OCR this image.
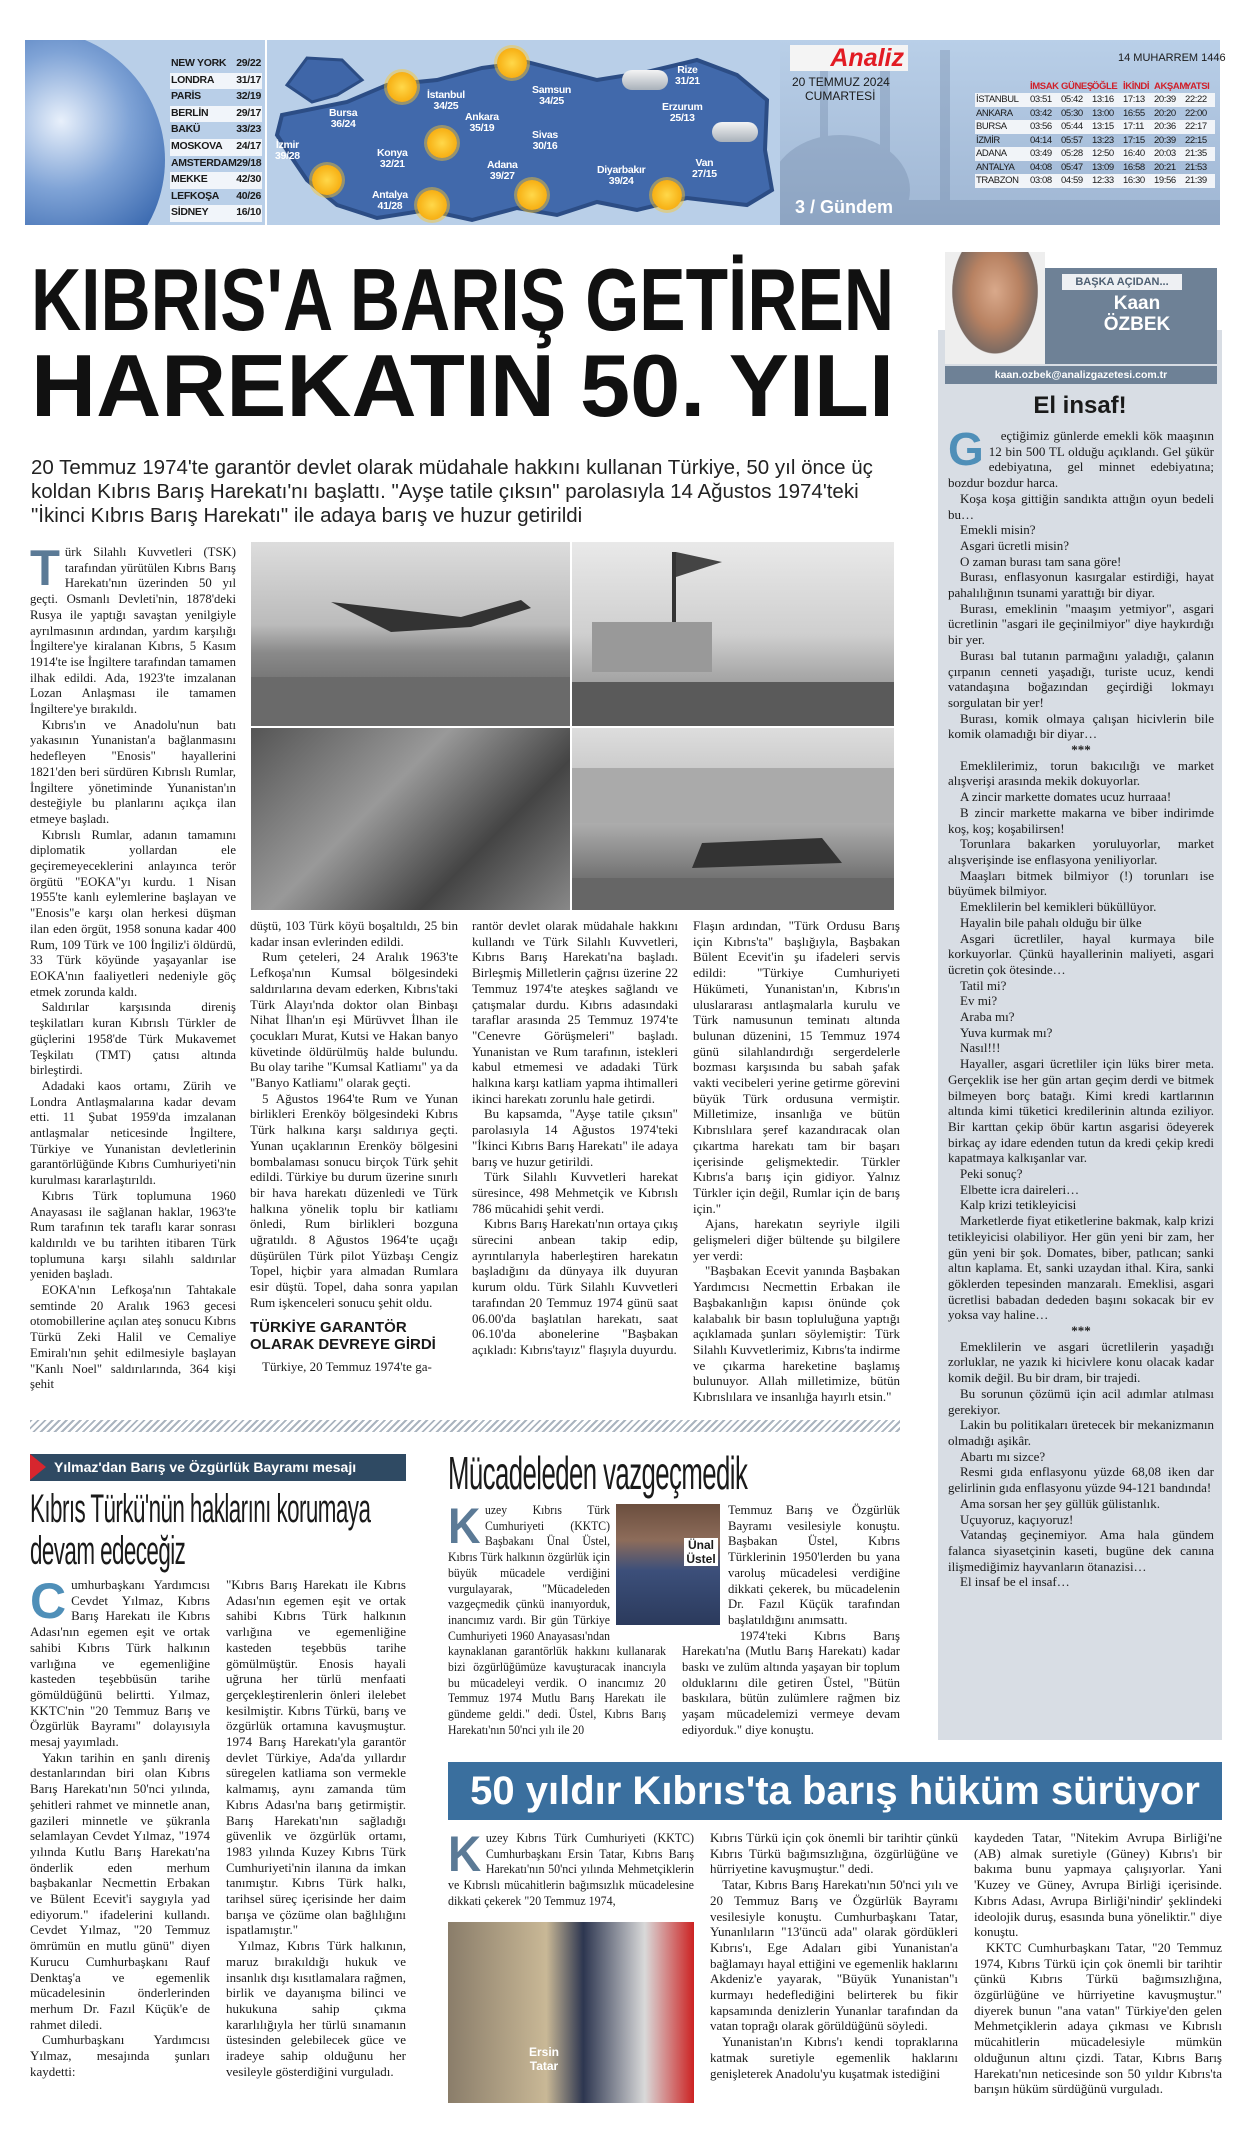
NEW YORK 29/22
LONDRA 31/17
PARİS	32/19
BERLİN	29/17
BAKÜ	33/23
MOSKOVA 24/17
AMSTERDAM 29/18
MEKKE	42/30
LEFKOŞA 40/26
SİDNEY	16/10
İstanbul
34/25
Samsun
34/25
Rize
31/21
Bursa
36/24
Ankara
35/19
Erzurum
25/13
İzmir
39/28
Sivas
30/16
Konya
32/21	Adana
39/27	Diyarbakır
39/24
Van
27/15
Antalya
41/28
Analiz
20 TEMMUZ 2024
CUMARTESİ
14 MUHARREM 1446
3 / Gündem
	İMSAK	GÜNEŞ	ÖĞLE	İKİNDİ	AKŞAM	YATSI
İSTANBUL	03:51	05:42	13:16	17:13	20:39	22:22
ANKARA	03:42	05:30	13:00	16:55	20:20	22:00
BURSA	03:56	05:44	13:15	17:11	20:36	22:17
İZMİR	04:14	05:57	13:23	17:15	20:39	22:15
ADANA	03:49	05:28	12:50	16:40	20:03	21:35
ANTALYA	04:08	05:47	13:09	16:58	20:21	21:53
TRABZON	03:08	04:59	12:33	16:30	19:56	21:39
KIBRIS'A BARIŞ GETİREN
HAREKATIN 50. YILI
20 Temmuz 1974'te garantör devlet olarak müdahale hakkını kullanan Türkiye, 50 yıl önce üç koldan Kıbrıs Barış Harekatı'nı başlattı. "Ayşe tatile çıksın" parolasıyla 14 Ağustos 1974'teki "İkinci Kıbrıs Barış Harekatı" ile adaya barış ve huzur getirildi
T ürk Silahlı Kuvvetleri (TSK) tarafından yürütülen Kıbrıs Barış Harekatı'nın üzerinden 50 yıl geçti. Osmanlı Devleti'nin, 1878'deki Rusya ile yaptığı savaştan yenilgiyle ayrılmasının ardından, yardım karşılığı İngiltere'ye kiralanan Kıbrıs, 5 Kasım 1914'te ise İngiltere tarafından tamamen ilhak edildi. Ada, 1923'te imzalanan Lozan Anlaşması ile tamamen İngiltere'ye bırakıldı.

Kıbrıs'ın ve Anadolu'nun batı yakasının Yunanistan'a bağlanmasını hedefleyen "Enosis" hayallerini 1821'den beri sürdüren Kıbrıslı Rumlar, İngiltere yönetiminde Yunanistan'ın desteğiyle bu planlarını açıkça ilan etmeye başladı.

Kıbrıslı Rumlar, adanın tamamını diplomatik yollardan ele geçiremeyeceklerini anlayınca terör örgütü "EOKA"yı kurdu. 1 Nisan 1955'te kanlı eylemlerine başlayan ve "Enosis"e karşı olan herkesi düşman ilan eden örgüt, 1958 sonuna kadar 400 Rum, 109 Türk ve 100 İngiliz'i öldürdü, 33 Türk köyünde yaşayanlar ise EOKA'nın faaliyetleri nedeniyle göç etmek zorunda kaldı.

Saldırılar karşısında direniş teşkilatları kuran Kıbrıslı Türkler de güçlerini 1958'de Türk Mukavemet Teşkilatı (TMT) çatısı altında birleştirdi.

Adadaki kaos ortamı, Zürih ve Londra Antlaşmalarına kadar devam etti. 11 Şubat 1959'da imzalanan antlaşmalar neticesinde İngiltere, Türkiye ve Yunanistan devletlerinin garantörlüğünde Kıbrıs Cumhuriyeti'nin kurulması kararlaştırıldı.

Kıbrıs Türk toplumuna 1960 Anayasası ile sağlanan haklar, 1963'te Rum tarafının tek taraflı karar sonrası kaldırıldı ve bu tarihten itibaren Türk toplumuna karşı silahlı saldırılar yeniden başladı.

EOKA'nın Lefkoşa'nın Tahtakale semtinde 20 Aralık 1963 gecesi otomobillerine açılan ateş sonucu Kıbrıs Türkü Zeki Halil ve Cemaliye Emiralı'nın şehit edilmesiyle başlayan "Kanlı Noel" saldırılarında, 364 kişi şehit

düştü, 103 Türk köyü boşaltıldı, 25 bin kadar insan evlerinden edildi.

Rum çeteleri, 24 Aralık 1963'te Lefkoşa'nın Kumsal bölgesindeki saldırılarına devam ederken, Kıbrıs'taki Türk Alayı'nda doktor olan Binbaşı Nihat İlhan'ın eşi Mürüvvet İlhan ile çocukları Murat, Kutsi ve Hakan banyo küvetinde öldürülmüş halde bulundu. Bu olay tarihe "Kumsal Katliamı" ya da "Banyo Katliamı" olarak geçti.

5 Ağustos 1964'te Rum ve Yunan birlikleri Erenköy bölgesindeki Kıbrıs Türk halkına karşı saldırıya geçti. Yunan uçaklarının Erenköy bölgesini bombalaması sonucu birçok Türk şehit edildi. Türkiye bu durum üzerine sınırlı bir hava harekatı düzenledi ve Türk halkına yönelik toplu bir katliamı önledi, Rum birlikleri bozguna uğratıldı. 8 Ağustos 1964'te uçağı düşürülen Türk pilot Yüzbaşı Cengiz Topel, hiçbir yara almadan Rumlara esir düştü. Topel, daha sonra yapılan Rum işkenceleri sonucu şehit oldu.

TÜRKİYE GARANTÖR OLARAK DEVREYE GİRDİ

Türkiye, 20 Temmuz 1974'te ga-

rantör devlet olarak müdahale hakkını kullandı ve Türk Silahlı Kuvvetleri, Kıbrıs Barış Harekatı'na başladı. Birleşmiş Milletlerin çağrısı üzerine 22 Temmuz 1974'te ateşkes sağlandı ve çatışmalar durdu. Kıbrıs adasındaki taraflar arasında 25 Temmuz 1974'te "Cenevre Görüşmeleri" başladı. Yunanistan ve Rum tarafının, istekleri kabul etmemesi ve adadaki Türk halkına karşı katliam yapma ihtimalleri ikinci harekatı zorunlu hale getirdi.

Bu kapsamda, "Ayşe tatile çıksın" parolasıyla 14 Ağustos 1974'teki "İkinci Kıbrıs Barış Harekatı" ile adaya barış ve huzur getirildi.

Türk Silahlı Kuvvetleri harekat süresince, 498 Mehmetçik ve Kıbrıslı 786 mücahidi şehit verdi.

Kıbrıs Barış Harekatı'nın ortaya çıkış sürecini anbean takip edip, ayrıntılarıyla haberleştiren harekatın başladığını da dünyaya ilk duyuran kurum oldu. Türk Silahlı Kuvvetleri tarafından 20 Temmuz 1974 günü saat 06.00'da başlatılan harekatı, saat 06.10'da abonelerine "Başbakan açıkladı: Kıbrıs'tayız" flaşıyla duyurdu.

Flaşın ardından, "Türk Ordusu Barış için Kıbrıs'ta" başlığıyla, Başbakan Bülent Ecevit'in şu ifadeleri servis edildi: "Türkiye Cumhuriyeti Hükümeti, Yunanistan'ın, Kıbrıs'ın uluslararası antlaşmalarla kurulu ve Türk namusunun teminatı altında bulunan düzenini, 15 Temmuz 1974 günü silahlandırdığı sergerdelerle bozması karşısında bu sabah şafak vakti vecibeleri yerine getirme görevini büyük Türk ordusuna vermiştir. Milletimize, insanlığa ve bütün Kıbrıslılara şeref kazandıracak olan çıkartma harekatı tam bir başarı içerisinde gelişmektedir. Türkler Kıbrıs'a barış için gidiyor. Yalnız Türkler için değil, Rumlar için de barış için."

Ajans, harekatın seyriyle ilgili gelişmeleri diğer bültende şu bilgilere yer verdi:

"Başbakan Ecevit yanında Başbakan Yardımcısı Necmettin Erbakan ile Başbakanlığın kapısı önünde çok kalabalık bir basın topluluğuna yaptığı açıklamada şunları söylemiştir: Türk Silahlı Kuvvetlerimiz, Kıbrıs'ta indirme ve çıkarma hareketine başlamış bulunuyor. Allah milletimize, bütün Kıbrıslılara ve insanlığa hayırlı etsin."

BAŞKA AÇIDAN...
Kaan
ÖZBEK
kaan.ozbek@analizgazetesi.com.tr
El insaf!
G	eçtiğimiz günlerde emekli kök maaşının 12 bin 500 TL olduğu açıklandı. Gel şükür edebiyatına, gel minnet edebiyatına; bozdur bozdur harca.

Koşa koşa gittiğin sandıkta attığın oyun bedeli bu…

Emekli misin?

Asgari ücretli misin?

O zaman burası tam sana göre!

Burası, enflasyonun kasırgalar estirdiği, hayat pahalılığının tsunami yarattığı bir diyar.

Burası, emeklinin "maaşım yetmiyor", asgari ücretlinin "asgari ile geçinilmiyor" diye haykırdığı bir yer.

Burası bal tutanın parmağını yaladığı, çalanın çırpanın cenneti yaşadığı, turiste ucuz, kendi vatandaşına boğazından geçirdiği lokmayı sorgulatan bir yer!

Burası, komik olmaya çalışan hicivlerin bile komik olamadığı bir diyar…

***

Emeklilerimiz, torun bakıcılığı ve market alışverişi arasında mekik dokuyorlar.

A zincir markette domates ucuz hurraaa!

B zincir markette makarna ve biber indirimde koş, koş; koşabilirsen!

Torunlara bakarken yoruluyorlar, market alışverişinde ise enflasyona yeniliyorlar.

Maaşları bitmek bilmiyor (!) torunları ise büyümek bilmiyor.

Emeklilerin bel kemikleri büküllüyor.

Hayalin bile pahalı olduğu bir ülke

Asgari ücretliler, hayal kurmaya bile korkuyorlar. Çünkü hayallerinin maliyeti, asgari ücretin çok ötesinde…

Tatil mi?

Ev mi?

Araba mı?

Yuva kurmak mı?

Nasıl!!!

Hayaller, asgari ücretliler için lüks birer meta. Gerçeklik ise her gün artan geçim derdi ve bitmek bilmeyen borç batağı. Kimi kredi kartlarının altında kimi tüketici kredilerinin altında eziliyor. Bir karttan çekip öbür kartın asgarisi ödeyerek birkaç ay idare edenden tutun da kredi çekip kredi kapatmaya kalkışanlar var.

Peki sonuç?

Elbette icra daireleri…

Kalp krizi tetikleyicisi

Marketlerde fiyat etiketlerine bakmak, kalp krizi tetikleyicisi olabiliyor. Her gün yeni bir zam, her gün yeni bir şok. Domates, biber, patlıcan; sanki altın kaplama. Et, sanki uzaydan ithal. Kira, sanki göklerden tepesinden manzaralı. Emeklisi, asgari ücretlisi babadan dededen başını sokacak bir ev yoksa vay haline…

***

Emeklilerin ve asgari ücretlilerin yaşadığı zorluklar, ne yazık ki hicivlere konu olacak kadar komik değil. Bu bir dram, bir trajedi.

Bu sorunun çözümü için acil adımlar atılması gerekiyor.

Lakin bu politikaları üretecek bir mekanizmanın olmadığı aşikâr.

Abartı mı sizce?

Resmi gıda enflasyonu yüzde 68,08 iken dar gelirlinin gıda enflasyonu yüzde 94-121 bandında!

Ama sorsan her şey güllük gülistanlık.

Uçuyoruz, kaçıyoruz!

Vatandaş geçinemiyor. Ama hala gündem falanca siyasetçinin kaseti, bugüne dek canına ilişmediğimiz hayvanların ötanazisi…

El insaf be el insaf…

Yılmaz'dan Barış ve Özgürlük Bayramı mesajı
Kıbrıs Türkü'nün haklarını korumaya devam edeceğiz
C umhurbaşkanı Yardımcısı Cevdet Yılmaz, Kıbrıs Barış Harekatı ile Kıbrıs Adası'nın egemen eşit ve ortak sahibi Kıbrıs Türk halkının varlığına ve egemenliğine kasteden teşebbüsün tarihe gömüldüğünü belirtti. Yılmaz, KKTC'nin "20 Temmuz Barış ve Özgürlük Bayramı" dolayısıyla mesaj yayımladı.

Yakın tarihin en şanlı direniş destanlarından biri olan Kıbrıs Barış Harekatı'nın 50'nci yılında, şehitleri rahmet ve minnetle anan, gazileri minnetle ve şükranla selamlayan Cevdet Yılmaz, "1974 yılında Kutlu Barış Harekatı'na önderlik eden merhum başbakanlar Necmettin Erbakan ve Bülent Ecevit'i saygıyla yad ediyorum." ifadelerini kullandı. Cevdet Yılmaz, "20 Temmuz ömrümün en mutlu günü" diyen Kurucu Cumhurbaşkanı Rauf Denktaş'a ve egemenlik mücadelesinin önderlerinden merhum Dr. Fazıl Küçük'e de rahmet diledi.

Cumhurbaşkanı Yardımcısı Yılmaz, mesajında şunları kaydetti:

"Kıbrıs Barış Harekatı ile Kıbrıs Adası'nın egemen eşit ve ortak sahibi Kıbrıs Türk halkının varlığına ve egemenliğine kasteden teşebbüs tarihe gömülmüştür. Enosis hayali uğruna her türlü menfaati gerçekleştirenlerin önleri ilelebet kesilmiştir. Kıbrıs Türkü, barış ve özgürlük ortamına kavuşmuştur. 1974 Barış Harekatı'yla garantör devlet Türkiye, Ada'da yıllardır süregelen katliama son vermekle kalmamış, aynı zamanda tüm Kıbrıs Adası'na barış getirmiştir. Barış Harekatı'nın sağladığı güvenlik ve özgürlük ortamı, 1983 yılında Kuzey Kıbrıs Türk Cumhuriyeti'nin ilanına da imkan tanımıştır. Kıbrıs Türk halkı, tarihsel süreç içerisinde her daim barışa ve çözüme olan bağlılığını ispatlamıştır."

Yılmaz, Kıbrıs Türk halkının, maruz bırakıldığı hukuk ve insanlık dışı kısıtlamalara rağmen, birlik ve dayanışma bilinci ve hukukuna sahip çıkma kararlılığıyla her türlü sınamanın üstesinden gelebilecek güce ve iradeye sahip olduğunu her vesileyle gösterdiğini vurguladı.

Mücadeleden vazgeçmedik
K uzey Kıbrıs Türk Cumhuriyeti (KKTC) Başbakanı Ünal Üstel, Kıbrıs Türk halkının özgürlük için büyük mücadele verdiğini vurgulayarak, "Mücadeleden vazgeçmedik çünkü inanıyorduk, inancımız vardı. Bir gün Türkiye Cumhuriyeti 1960 Anayasası'ndan kaynaklanan garantörlük hakkını kullanarak bizi özgürlüğümüze kavuşturacak inancıyla bu mücadeleyi verdik. O inancımız 20 Temmuz 1974 Mutlu Barış Harekatı ile gündeme geldi." dedi. Üstel, Kıbrıs Barış Harekatı'nın 50'nci yılı ile 20

Temmuz Barış ve Özgürlük Bayramı vesilesiyle konuştu. Başbakan Üstel, Kıbrıs Türklerinin 1950'lerden bu yana varoluş mücadelesi verdiğine dikkati çekerek, bu mücadelenin Dr. Fazıl Küçük tarafından başlatıldığını anımsattı.

1974'teki Kıbrıs Barış Harekatı'na (Mutlu Barış Harekatı) kadar baskı ve zulüm altında yaşayan bir toplum olduklarını dile getiren Üstel, "Bütün baskılara, bütün zulümlere rağmen biz yaşam mücadelemizi vermeye devam ediyorduk." diye konuştu.

Ünal Üstel
50 yıldır Kıbrıs'ta barış hüküm sürüyor
K uzey Kıbrıs Türk Cumhuriyeti (KKTC) Cumhurbaşkanı Ersin Tatar, Kıbrıs Barış Harekatı'nın 50'nci yılında Mehmetçiklerin ve Kıbrıslı mücahitlerin bağımsızlık mücadelesine dikkati çekerek "20 Temmuz 1974,

Ersin Tatar

Kıbrıs Türkü için çok önemli bir tarihtir çünkü Kıbrıs Türkü bağımsızlığına, özgürlüğüne ve hürriyetine kavuşmuştur." dedi.

Tatar, Kıbrıs Barış Harekatı'nın 50'nci yılı ve 20 Temmuz Barış ve Özgürlük Bayramı vesilesiyle konuştu. Cumhurbaşkanı Tatar, Yunanlıların "13'üncü ada" olarak gördükleri Kıbrıs'ı, Ege Adaları gibi Yunanistan'a bağlamayı hayal ettiğini ve egemenlik haklarını Akdeniz'e yayarak, "Büyük Yunanistan"ı kurmayı hedeflediğini belirterek bu fikir kapsamında denizlerin Yunanlar tarafından da vatan toprağı olarak görüldüğünü söyledi.

Yunanistan'ın Kıbrıs'ı kendi topraklarına katmak suretiyle egemenlik haklarını genişleterek Anadolu'yu kuşatmak istediğini

kaydeden Tatar, "Nitekim Avrupa Birliği'ne (AB) almak suretiyle (Güney) Kıbrıs'ı bir bakıma bunu yapmaya çalışıyorlar. Yani 'Kuzey ve Güney, Avrupa Birliği içerisinde. Kıbrıs Adası, Avrupa Birliği'nindir' şeklindeki ideolojik duruş, esasında buna yöneliktir." diye konuştu.

KKTC Cumhurbaşkanı Tatar, "20 Temmuz 1974, Kıbrıs Türkü için çok önemli bir tarihtir çünkü Kıbrıs Türkü bağımsızlığına, özgürlüğüne ve hürriyetine kavuşmuştur." diyerek bunun "ana vatan" Türkiye'den gelen Mehmetçiklerin adaya çıkması ve Kıbrıslı mücahitlerin mücadelesiyle mümkün olduğunun altını çizdi. Tatar, Kıbrıs Barış Harekatı'nın neticesinde son 50 yıldır Kıbrıs'ta barışın hüküm sürdüğünü vurguladı.
